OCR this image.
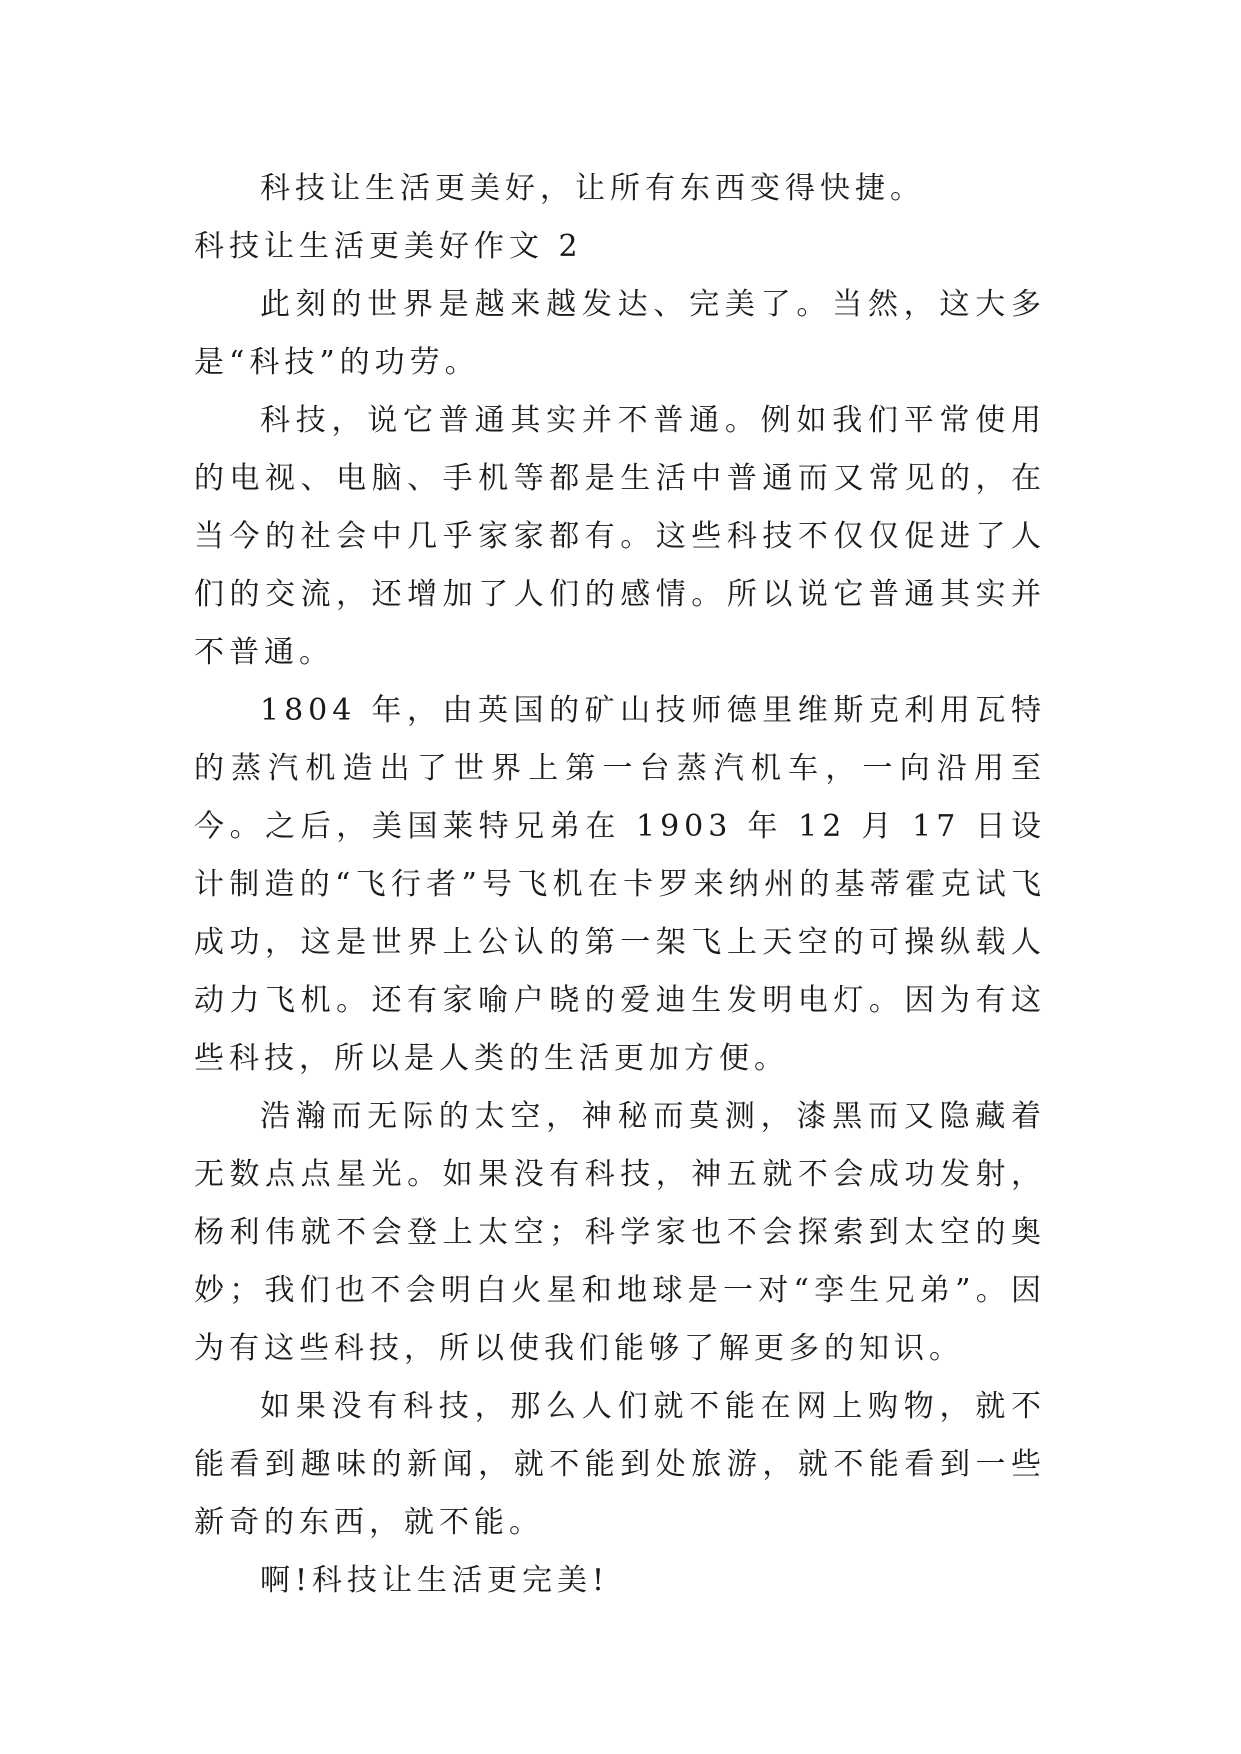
科技让生活更美好，让所有东西变得快捷。

科技让生活更美好作文 2

此刻的世界是越来越发达、完美了。当然，这大多是“科技”的功劳。

科技，说它普通其实并不普通。例如我们平常使用的电视、电脑、手机等都是生活中普通而又常见的，在当今的社会中几乎家家都有。这些科技不仅仅促进了人们的交流，还增加了人们的感情。所以说它普通其实并不普通。

1804 年，由英国的矿山技师德里维斯克利用瓦特的蒸汽机造出了世界上第一台蒸汽机车，一向沿用至今。之后，美国莱特兄弟在 1903 年 12 月 17 日设计制造的“飞行者”号飞机在卡罗来纳州的基蒂霍克试飞成功，这是世界上公认的第一架飞上天空的可操纵载人动力飞机。还有家喻户晓的爱迪生发明电灯。因为有这些科技，所以是人类的生活更加方便。

浩瀚而无际的太空，神秘而莫测，漆黑而又隐藏着无数点点星光。如果没有科技，神五就不会成功发射，杨利伟就不会登上太空；科学家也不会探索到太空的奥妙；我们也不会明白火星和地球是一对“孪生兄弟”。因为有这些科技，所以使我们能够了解更多的知识。

如果没有科技，那么人们就不能在网上购物，就不能看到趣味的新闻，就不能到处旅游，就不能看到一些新奇的东西，就不能。

啊!科技让生活更完美!
